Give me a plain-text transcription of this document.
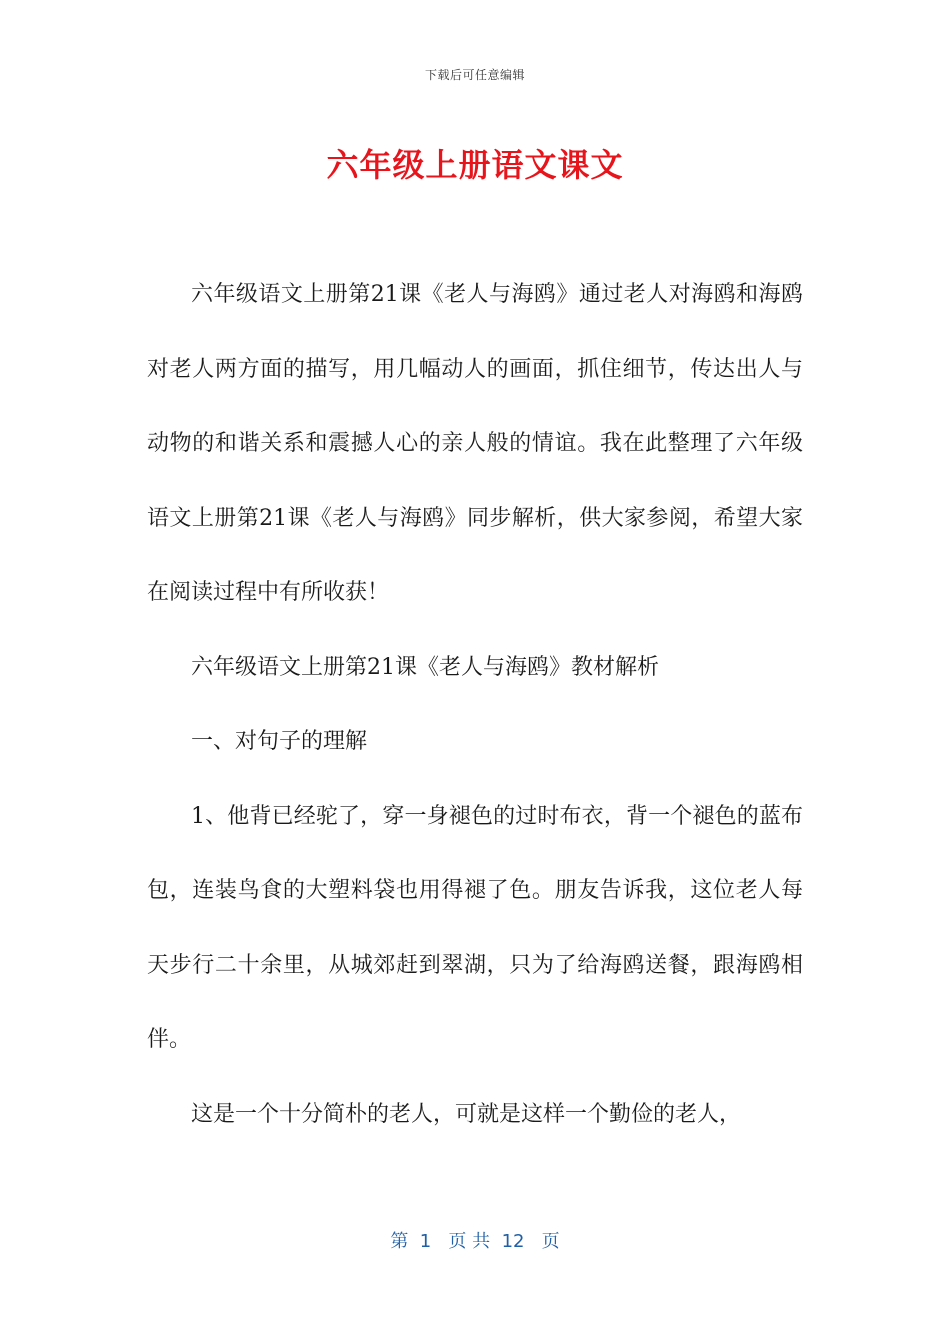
下载后可任意编辑
六年级上册语文课文

六年级语文上册第21课《老人与海鸥》通过老人对海鸥和海鸥对老人两方面的描写，用几幅动人的画面，抓住细节，传达出人与动物的和谐关系和震撼人心的亲人般的情谊。我在此整理了六年级语文上册第21课《老人与海鸥》同步解析，供大家参阅，希望大家在阅读过程中有所收获！

六年级语文上册第21课《老人与海鸥》教材解析

一、对句子的理解

1、他背已经驼了，穿一身褪色的过时布衣，背一个褪色的蓝布包，连装鸟食的大塑料袋也用得褪了色。朋友告诉我，这位老人每天步行二十余里，从城郊赶到翠湖，只为了给海鸥送餐，跟海鸥相伴。

这是一个十分简朴的老人，可就是这样一个勤俭的老人，

第  1   页 共  12   页
